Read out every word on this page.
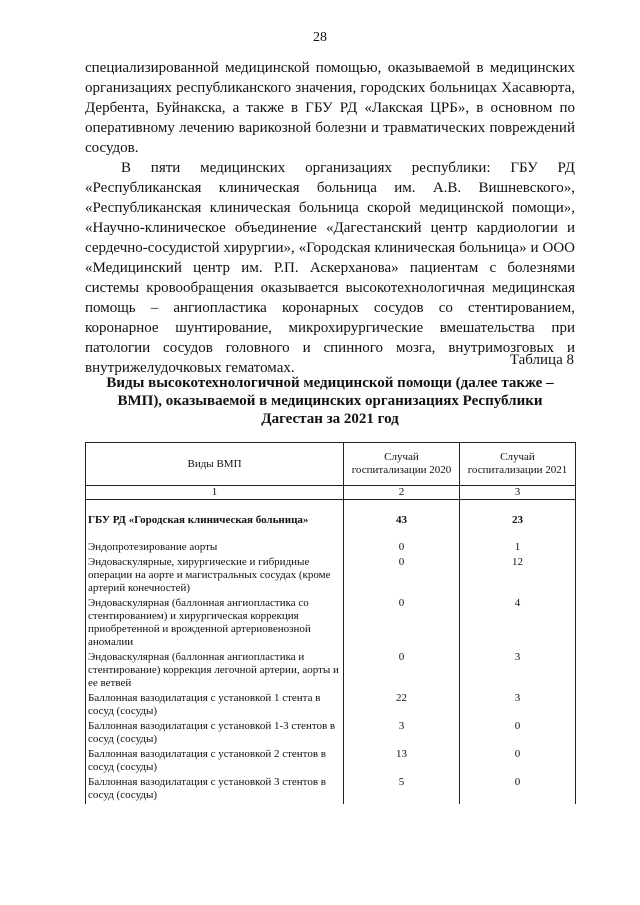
28

специализированной медицинской помощью, оказываемой в медицинских организациях республиканского значения, городских больницах Хасавюрта, Дербента, Буйнакска, а также в ГБУ РД «Лакская ЦРБ», в основном по оперативному лечению варикозной болезни и травматических повреждений сосудов.

В пяти медицинских организациях республики: ГБУ РД «Республиканская клиническая больница им. А.В. Вишневского», «Республиканская клиническая больница скорой медицинской помощи», «Научно-клиническое объединение «Дагестанский центр кардиологии и сердечно-сосудистой хирургии», «Городская клиническая больница» и ООО «Медицинский центр им. Р.П. Аскерханова» пациентам с болезнями системы кровообращения оказывается высокотехнологичная медицинская помощь – ангиопластика коронарных сосудов со стентированием, коронарное шунтирование, микрохирургические вмешательства при патологии сосудов головного и спинного мозга, внутримозговых и внутрижелудочковых гематомах.	Таблица 8
Виды высокотехнологичной медицинской помощи (далее также – ВМП), оказываемой в медицинских организациях Республики Дагестан за 2021 год
Виды ВМП	Случай госпитализации 2020	Случай госпитализации 2021
1	2	3
ГБУ РД «Городская клиническая больница»	43	23
Эндопротезирование аорты	0	1
Эндоваскулярные, хирургические и гибридные операции на аорте и магистральных сосудах (кроме артерий конечностей)	0	12
Эндоваскулярная (баллонная ангиопластика со стентированием) и хирургическая коррекция приобретенной и врожденной артериовенозной аномалии	0	4
Эндоваскулярная (баллонная ангиопластика и стентирование) коррекция легочной артерии, аорты и ее ветвей	0	3
Баллонная вазодилатация с установкой 1 стента в сосуд (сосуды)	22	3
Баллонная вазодилатация с установкой 1-3 стентов в сосуд (сосуды)	3	0
Баллонная вазодилатация с установкой 2 стентов в сосуд (сосуды)	13	0
Баллонная вазодилатация с установкой 3 стентов в сосуд (сосуды)	5	0
